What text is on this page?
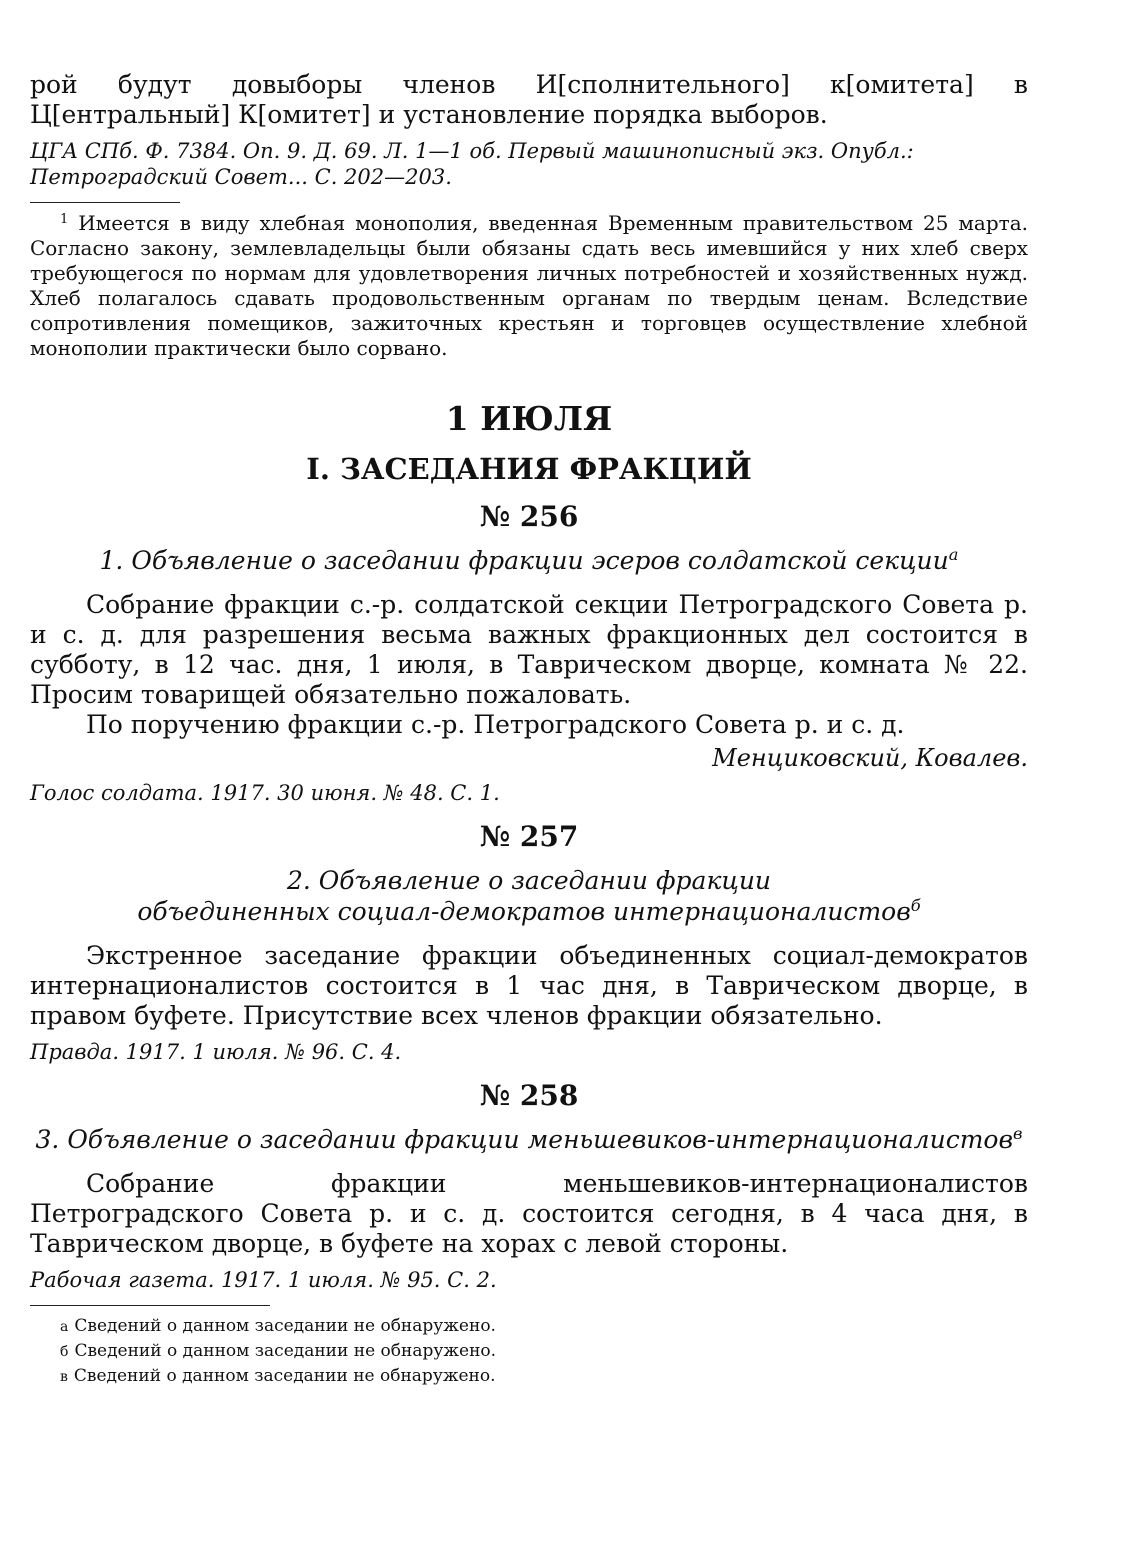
рой будут довыборы членов И[сполнительного] к[омитета] в Ц[ентральный] К[омитет] и установление порядка выборов.

ЦГА СПб. Ф. 7384. Оп. 9. Д. 69. Л. 1—1 об. Первый машинописный экз. Опубл.: Петроградский Совет... С. 202—203.

$^1$ Имеется в виду хлебная монополия, введенная Временным правительством 25 марта. Согласно закону, землевладельцы были обязаны сдать весь имевшийся у них хлеб сверх требующегося по нормам для удовлетворения личных потребностей и хозяйственных нужд. Хлеб полагалось сдавать продовольственным органам по твердым ценам. Вследствие сопротивления помещиков, зажиточных крестьян и торговцев осуществление хлебной монополии практически было сорвано.

1 ИЮЛЯ
I. ЗАСЕДАНИЯ ФРАКЦИЙ
№ 256
1. Объявление о заседании фракции эсеров солдатской секции$^а$

Собрание фракции с.-р. солдатской секции Петроградского Совета р. и с. д. для разрешения весьма важных фракционных дел состоится в субботу, в 12 час. дня, 1 июля, в Таврическом дворце, комната № 22. Просим товарищей обязательно пожаловать.

По поручению фракции с.-р. Петроградского Совета р. и с. д.

Менциковский, Ковалев.

Голос солдата. 1917. 30 июня. № 48. С. 1.

№ 257
2. Объявление о заседании фракции
объединенных социал-демократов интернационалистов$^б$

Экстренное заседание фракции объединенных социал-демократов интернационалистов состоится в 1 час дня, в Таврическом дворце, в правом буфете. Присутствие всех членов фракции обязательно.

Правда. 1917. 1 июля. № 96. С. 4.

№ 258
3. Объявление о заседании фракции меньшевиков-интернационалистов$^в$

Собрание фракции меньшевиков-интернационалистов Петроградского Совета р. и с. д. состоится сегодня, в 4 часа дня, в Таврическом дворце, в буфете на хорах с левой стороны.

Рабочая газета. 1917. 1 июля. № 95. С. 2.

а Сведений о данном заседании не обнаружено.

б Сведений о данном заседании не обнаружено.

в Сведений о данном заседании не обнаружено.
